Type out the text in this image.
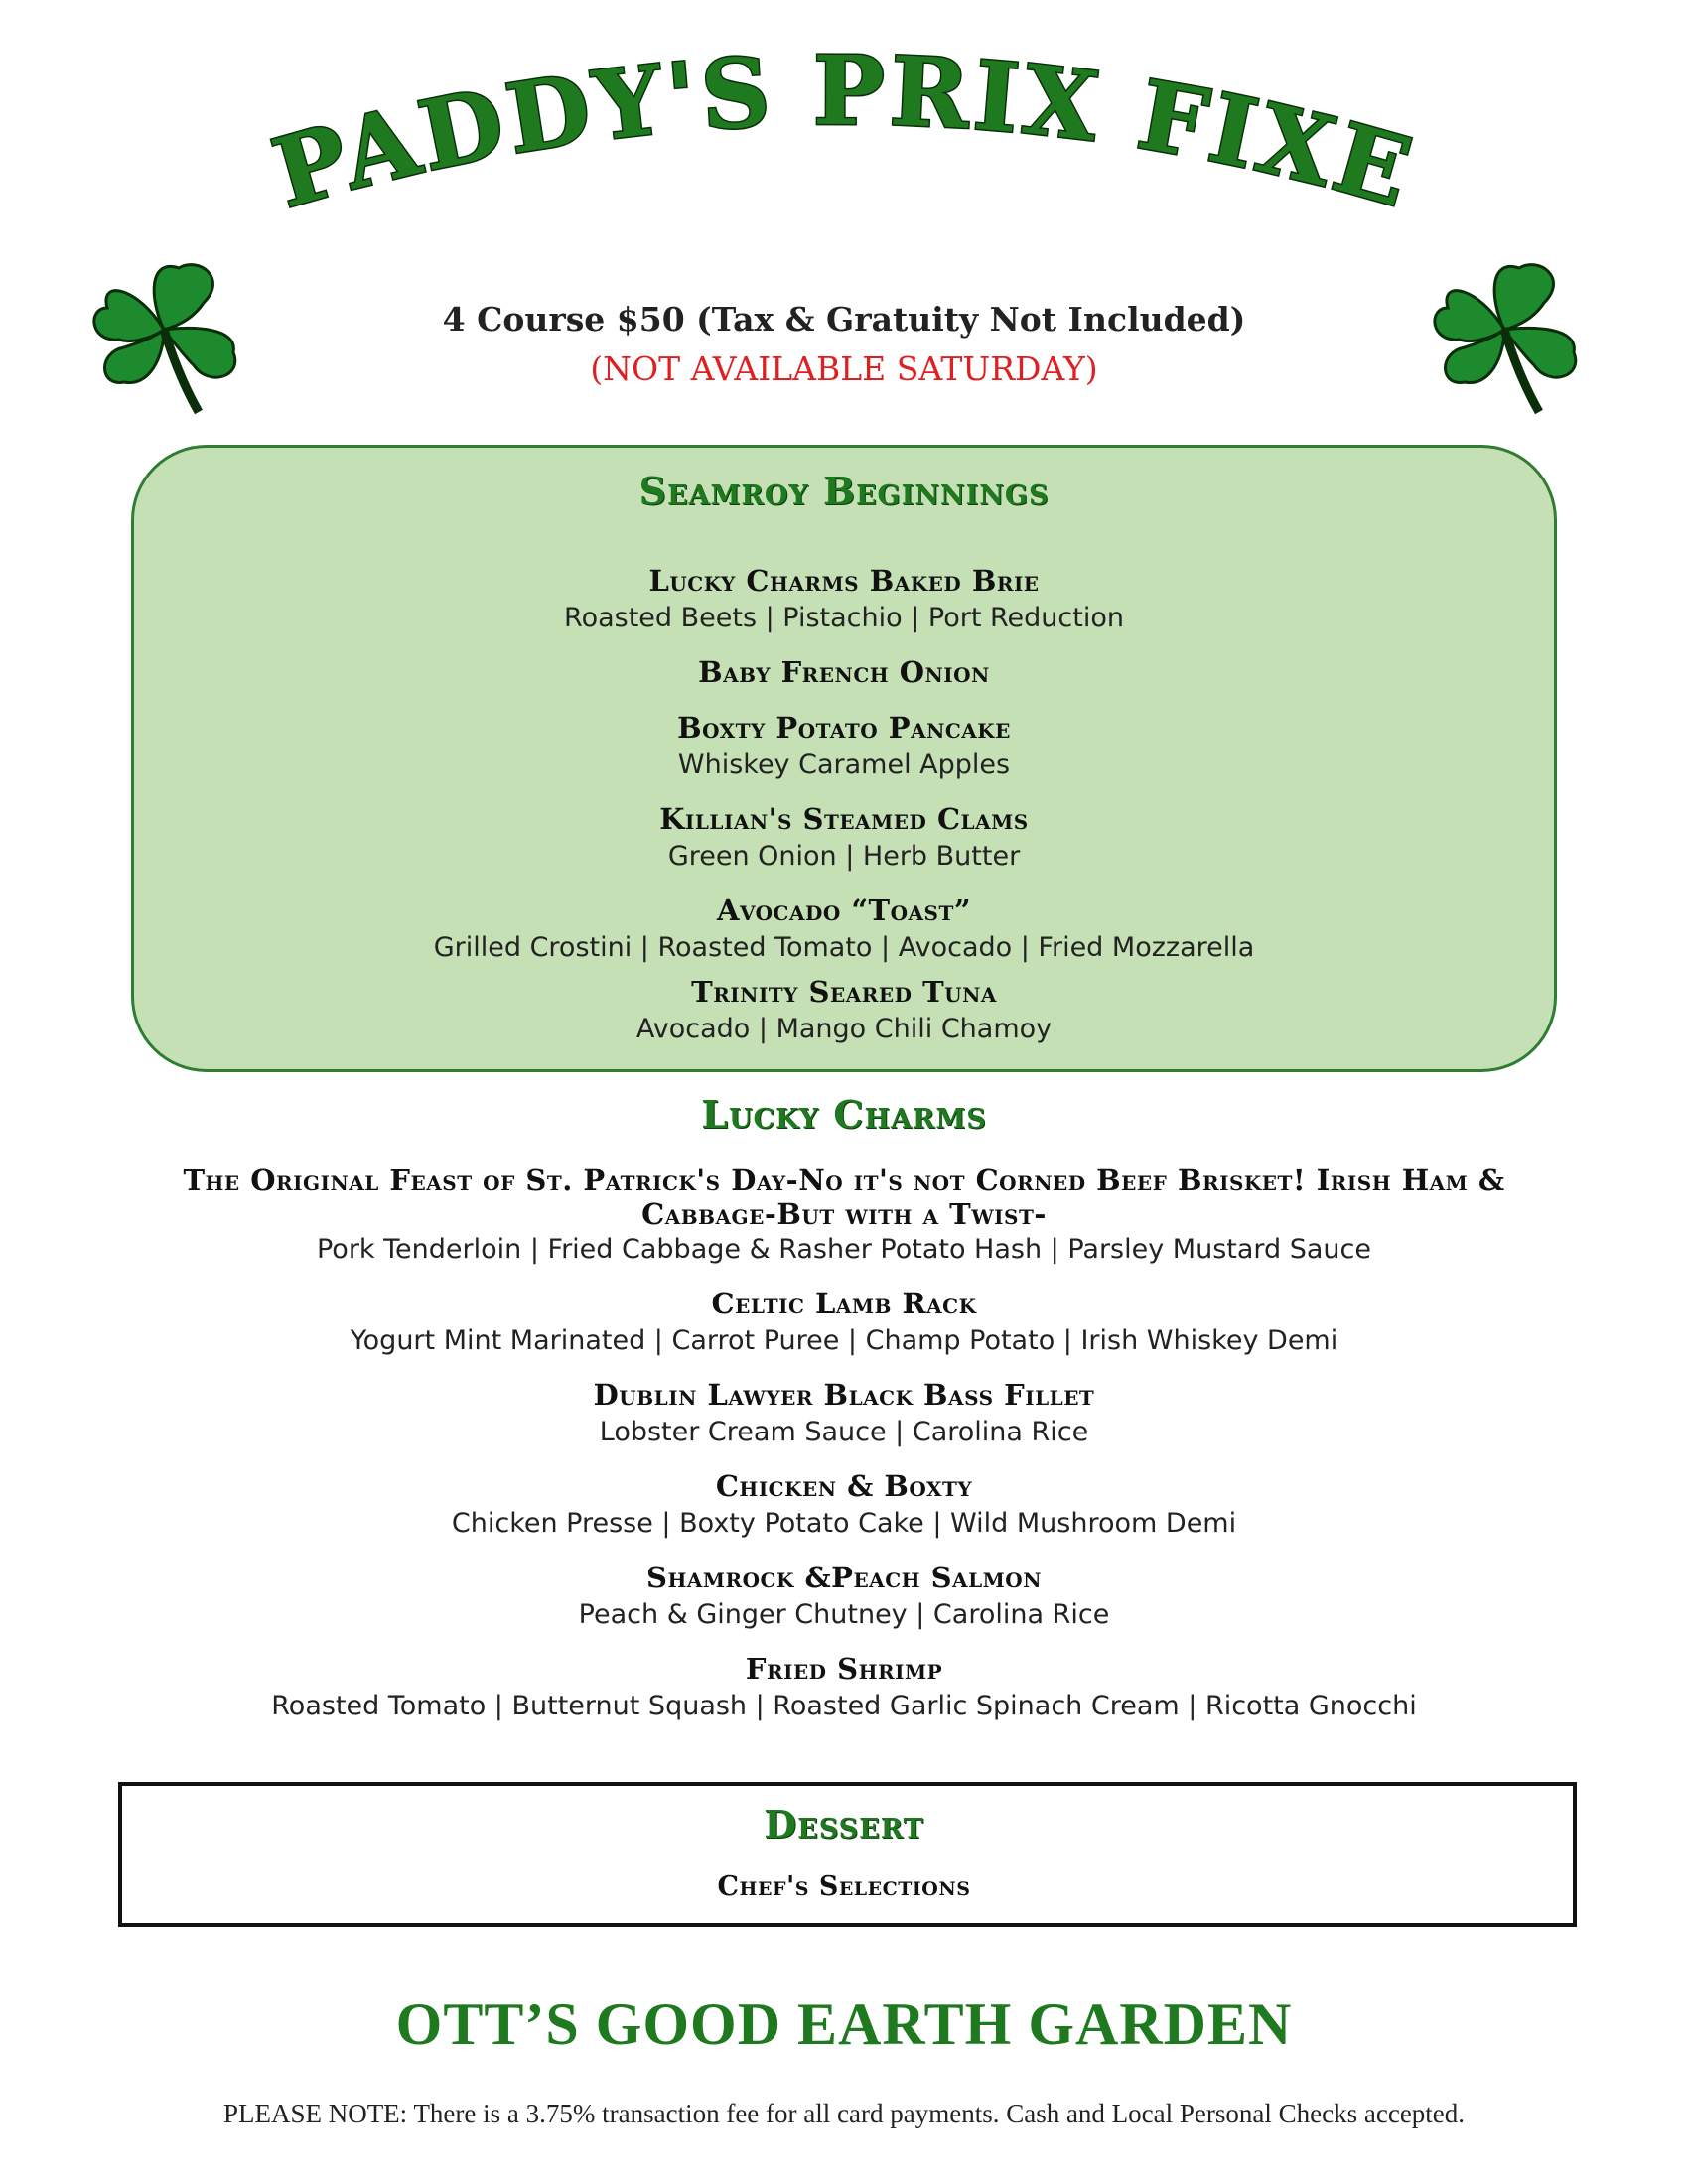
PADDY'S PRIX FIXE
4 Course $50 (Tax & Gratuity Not Included)
(NOT AVAILABLE SATURDAY)
Seamroy Beginnings
Lucky Charms Baked Brie
Roasted Beets | Pistachio | Port Reduction
Baby French Onion
Boxty Potato Pancake
Whiskey Caramel Apples
Killian's Steamed Clams
Green Onion | Herb Butter
Avocado “Toast”
Grilled Crostini | Roasted Tomato | Avocado | Fried Mozzarella
Trinity Seared Tuna
Avocado | Mango Chili Chamoy
Lucky Charms
The Original Feast of St. Patrick's Day-No it's not Corned Beef Brisket! Irish Ham & Cabbage-But with a Twist-
Pork Tenderloin | Fried Cabbage & Rasher Potato Hash | Parsley Mustard Sauce
Celtic Lamb Rack
Yogurt Mint Marinated | Carrot Puree | Champ Potato | Irish Whiskey Demi
Dublin Lawyer Black Bass Fillet
Lobster Cream Sauce | Carolina Rice
Chicken & Boxty
Chicken Presse | Boxty Potato Cake | Wild Mushroom Demi
Shamrock &Peach Salmon
Peach & Ginger Chutney | Carolina Rice
Fried Shrimp
Roasted Tomato | Butternut Squash | Roasted Garlic Spinach Cream | Ricotta Gnocchi
Dessert
Chef's Selections
OTT’S GOOD EARTH GARDEN
PLEASE NOTE: There is a 3.75% transaction fee for all card payments. Cash and Local Personal Checks accepted.
